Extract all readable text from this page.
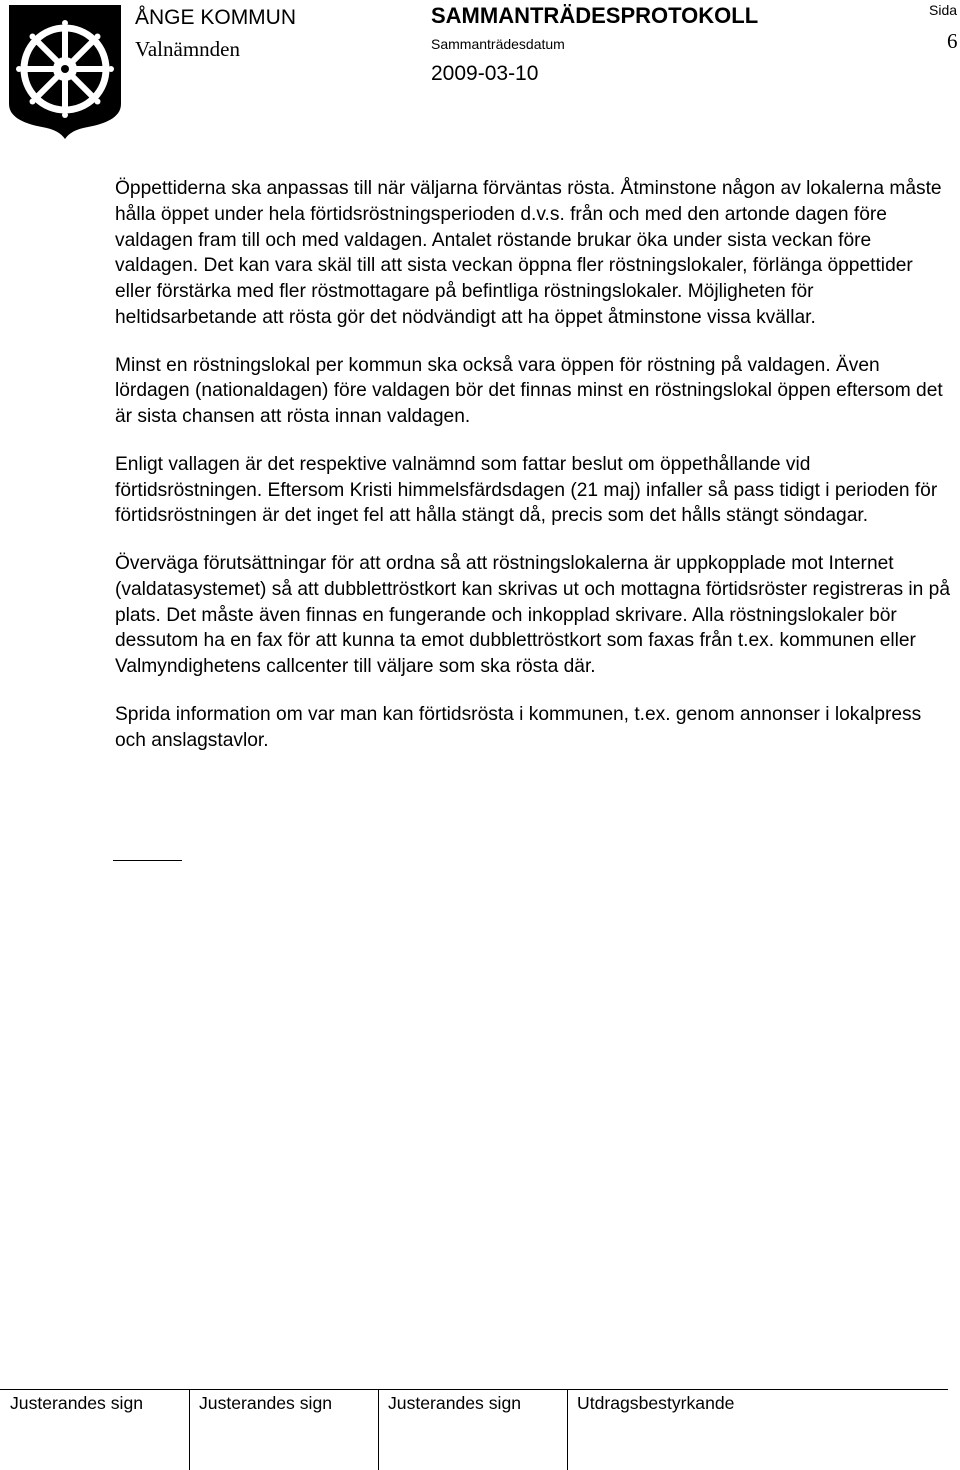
ÅNGE KOMMUN
Valnämnden
SAMMANTRÄDESPROTOKOLL
Sammanträdesdatum
2009-03-10
Sida
6

Öppettiderna ska anpassas till när väljarna förväntas rösta. Åtminstone någon av lokalerna måste hålla öppet under hela förtidsröstningsperioden d.v.s. från och med den artonde dagen före valdagen fram till och med valdagen. Antalet röstande brukar öka under sista veckan före valdagen. Det kan vara skäl till att sista veckan öppna fler röstningslokaler, förlänga öppettider eller förstärka med fler röstmottagare på befintliga röstningslokaler. Möjligheten för heltidsarbetande att rösta gör det nödvändigt att ha öppet åtminstone vissa kvällar.

Minst en röstningslokal per kommun ska också vara öppen för röstning på valdagen. Även lördagen (nationaldagen) före valdagen bör det finnas minst en röstningslokal öppen eftersom det är sista chansen att rösta innan valdagen.

Enligt vallagen är det respektive valnämnd som fattar beslut om öppethållande vid förtidsröstningen. Eftersom Kristi himmelsfärdsdagen (21 maj) infaller så pass tidigt i perioden för förtidsröstningen är det inget fel att hålla stängt då, precis som det hålls stängt söndagar.

Överväga förutsättningar för att ordna så att röstningslokalerna är uppkopplade mot Internet (valdatasystemet) så att dubblettröstkort kan skrivas ut och mottagna förtidsröster registreras in på plats. Det måste även finnas en fungerande och inkopplad skrivare. Alla röstningslokaler bör dessutom ha en fax för att kunna ta emot dubblettröstkort som faxas från t.ex. kommunen eller Valmyndighetens callcenter till väljare som ska rösta där.

Sprida information om var man kan förtidsrösta i kommunen, t.ex. genom annonser i lokalpress och anslagstavlor.

Justerandes sign	Justerandes sign	Justerandes sign	Utdragsbestyrkande
